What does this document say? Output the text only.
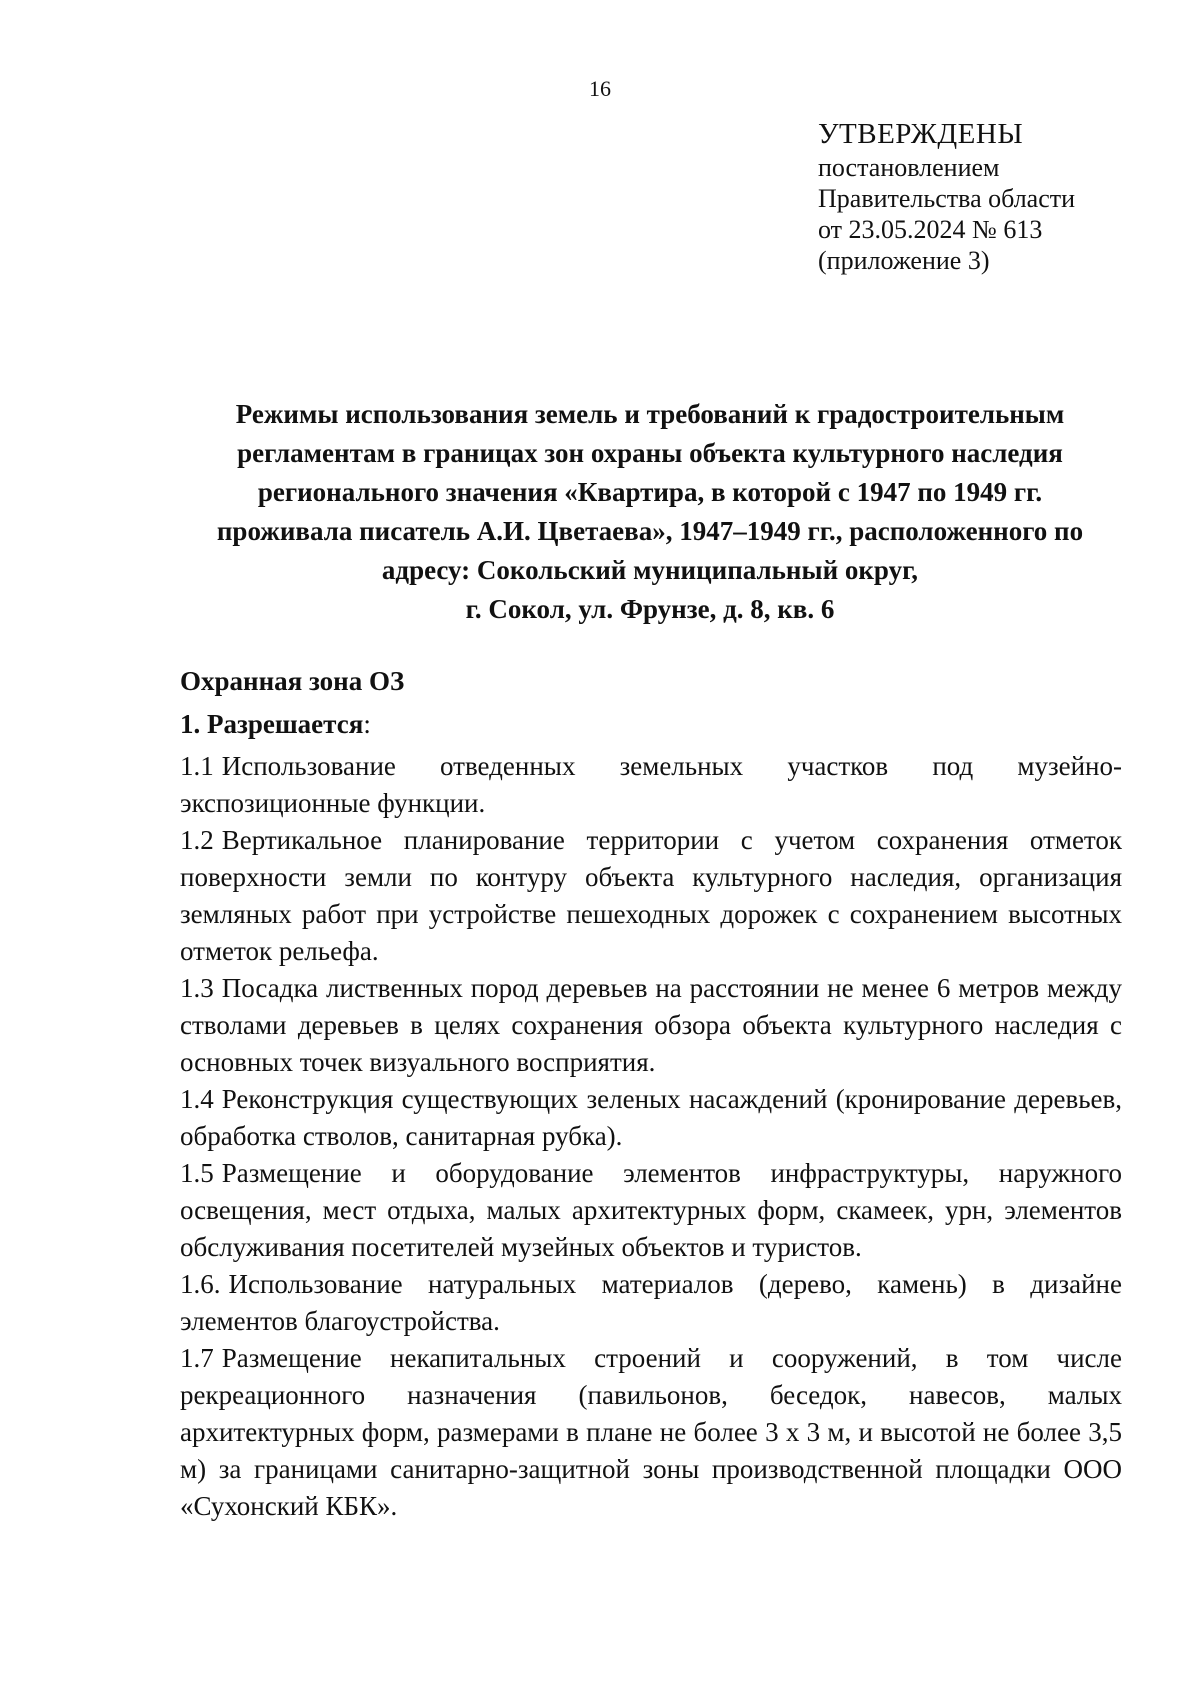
16
УТВЕРЖДЕНЫ
постановлением
Правительства области
от 23.05.2024 № 613
(приложение 3)
Режимы использования земель и требований к градостроительным
регламентам в границах зон охраны объекта культурного наследия
регионального значения «Квартира, в которой с 1947 по 1949 гг.
проживала писатель А.И. Цветаева», 1947–1949 гг., расположенного по
адресу: Сокольский муниципальный округ,
г. Сокол, ул. Фрунзе, д. 8, кв. 6
Охранная зона ОЗ
1. Разрешается:

1.1 Использование отведенных земельных участков под музейно-экспозиционные функции.

1.2 Вертикальное планирование территории с учетом сохранения отметок поверхности земли по контуру объекта культурного наследия, организация земляных работ при устройстве пешеходных дорожек с сохранением высотных отметок рельефа.

1.3 Посадка лиственных пород деревьев на расстоянии не менее 6 метров между стволами деревьев в целях сохранения обзора объекта культурного наследия с основных точек визуального восприятия.

1.4 Реконструкция существующих зеленых насаждений (кронирование деревьев, обработка стволов, санитарная рубка).

1.5 Размещение и оборудование элементов инфраструктуры, наружного освещения, мест отдыха, малых архитектурных форм, скамеек, урн, элементов обслуживания посетителей музейных объектов и туристов.

1.6. Использование натуральных материалов (дерево, камень) в дизайне элементов благоустройства.

1.7 Размещение некапитальных строений и сооружений, в том числе рекреационного назначения (павильонов, беседок, навесов, малых архитектурных форм, размерами в плане не более 3 х 3 м, и высотой не более 3,5 м) за границами санитарно-защитной зоны производственной площадки ООО «Сухонский КБК».
